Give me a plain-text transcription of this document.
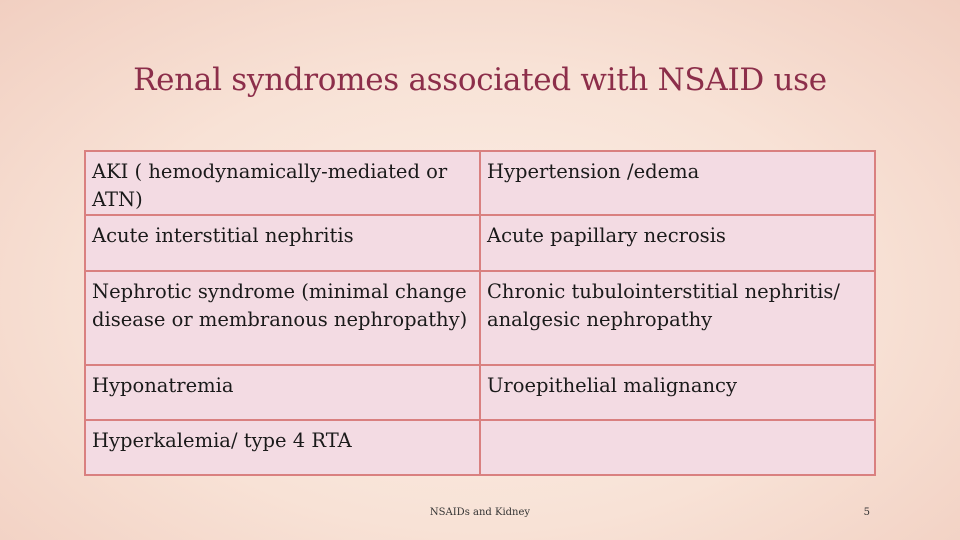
Renal syndromes associated with NSAID use
AKI ( hemodynamically-mediated or ATN)	Hypertension /edema
Acute interstitial nephritis	Acute papillary necrosis
Nephrotic syndrome (minimal change disease or membranous nephropathy)	Chronic tubulointerstitial nephritis/ analgesic nephropathy
Hyponatremia	Uroepithelial malignancy
Hyperkalemia/ type 4 RTA	
NSAIDs and Kidney	5
